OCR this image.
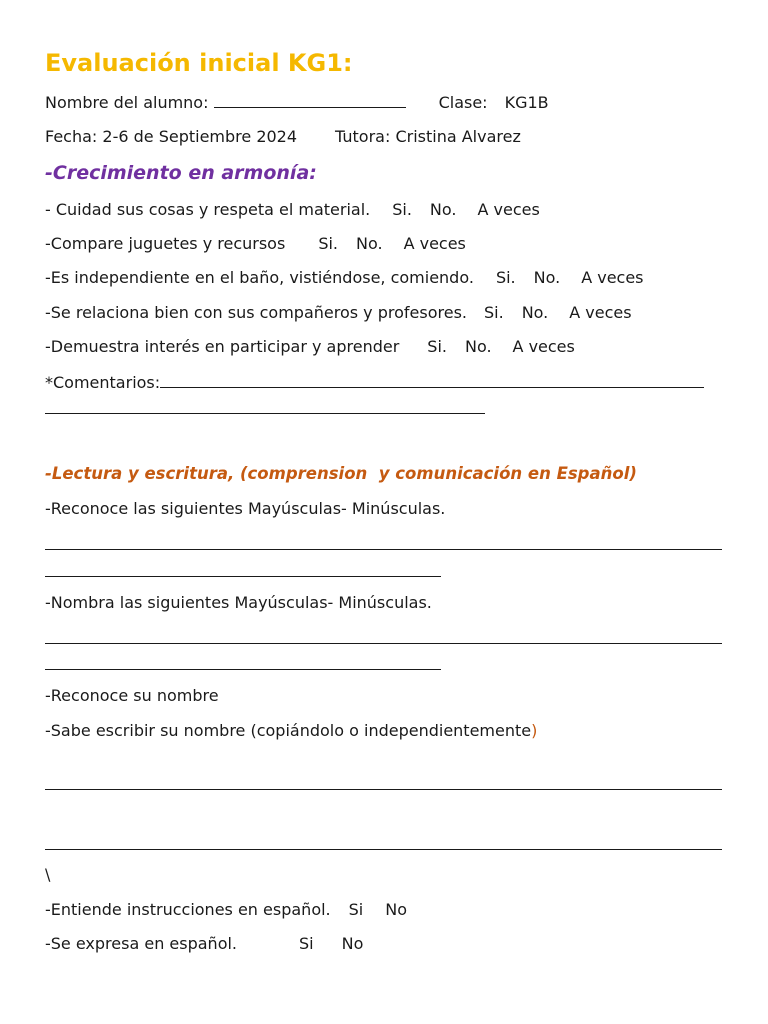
Evaluación inicial KG1:
Nombre del alumno:	Clase: KG1B
Fecha: 2-6 de Septiembre 2024 Tutora: Cristina Alvarez
-Crecimiento en armonía:
- Cuidad sus cosas y respeta el material. Si. No. A veces
-Compare juguetes y recursos Si. No. A veces
-Es independiente en el baño, vistiéndose, comiendo. Si. No. A veces
-Se relaciona bien con sus compañeros y profesores. Si. No. A veces
-Demuestra interés en participar y aprender Si. No. A veces
*Comentarios:
-Lectura y escritura, (comprension  y comunicación en Español)
-Reconoce las siguientes Mayúsculas- Minúsculas.
-Nombra las siguientes Mayúsculas- Minúsculas.
-Reconoce su nombre
-Sabe escribir su nombre (copiándolo o independientemente)
\
-Entiende instrucciones en español. Si No
-Se expresa en español.	Si No
